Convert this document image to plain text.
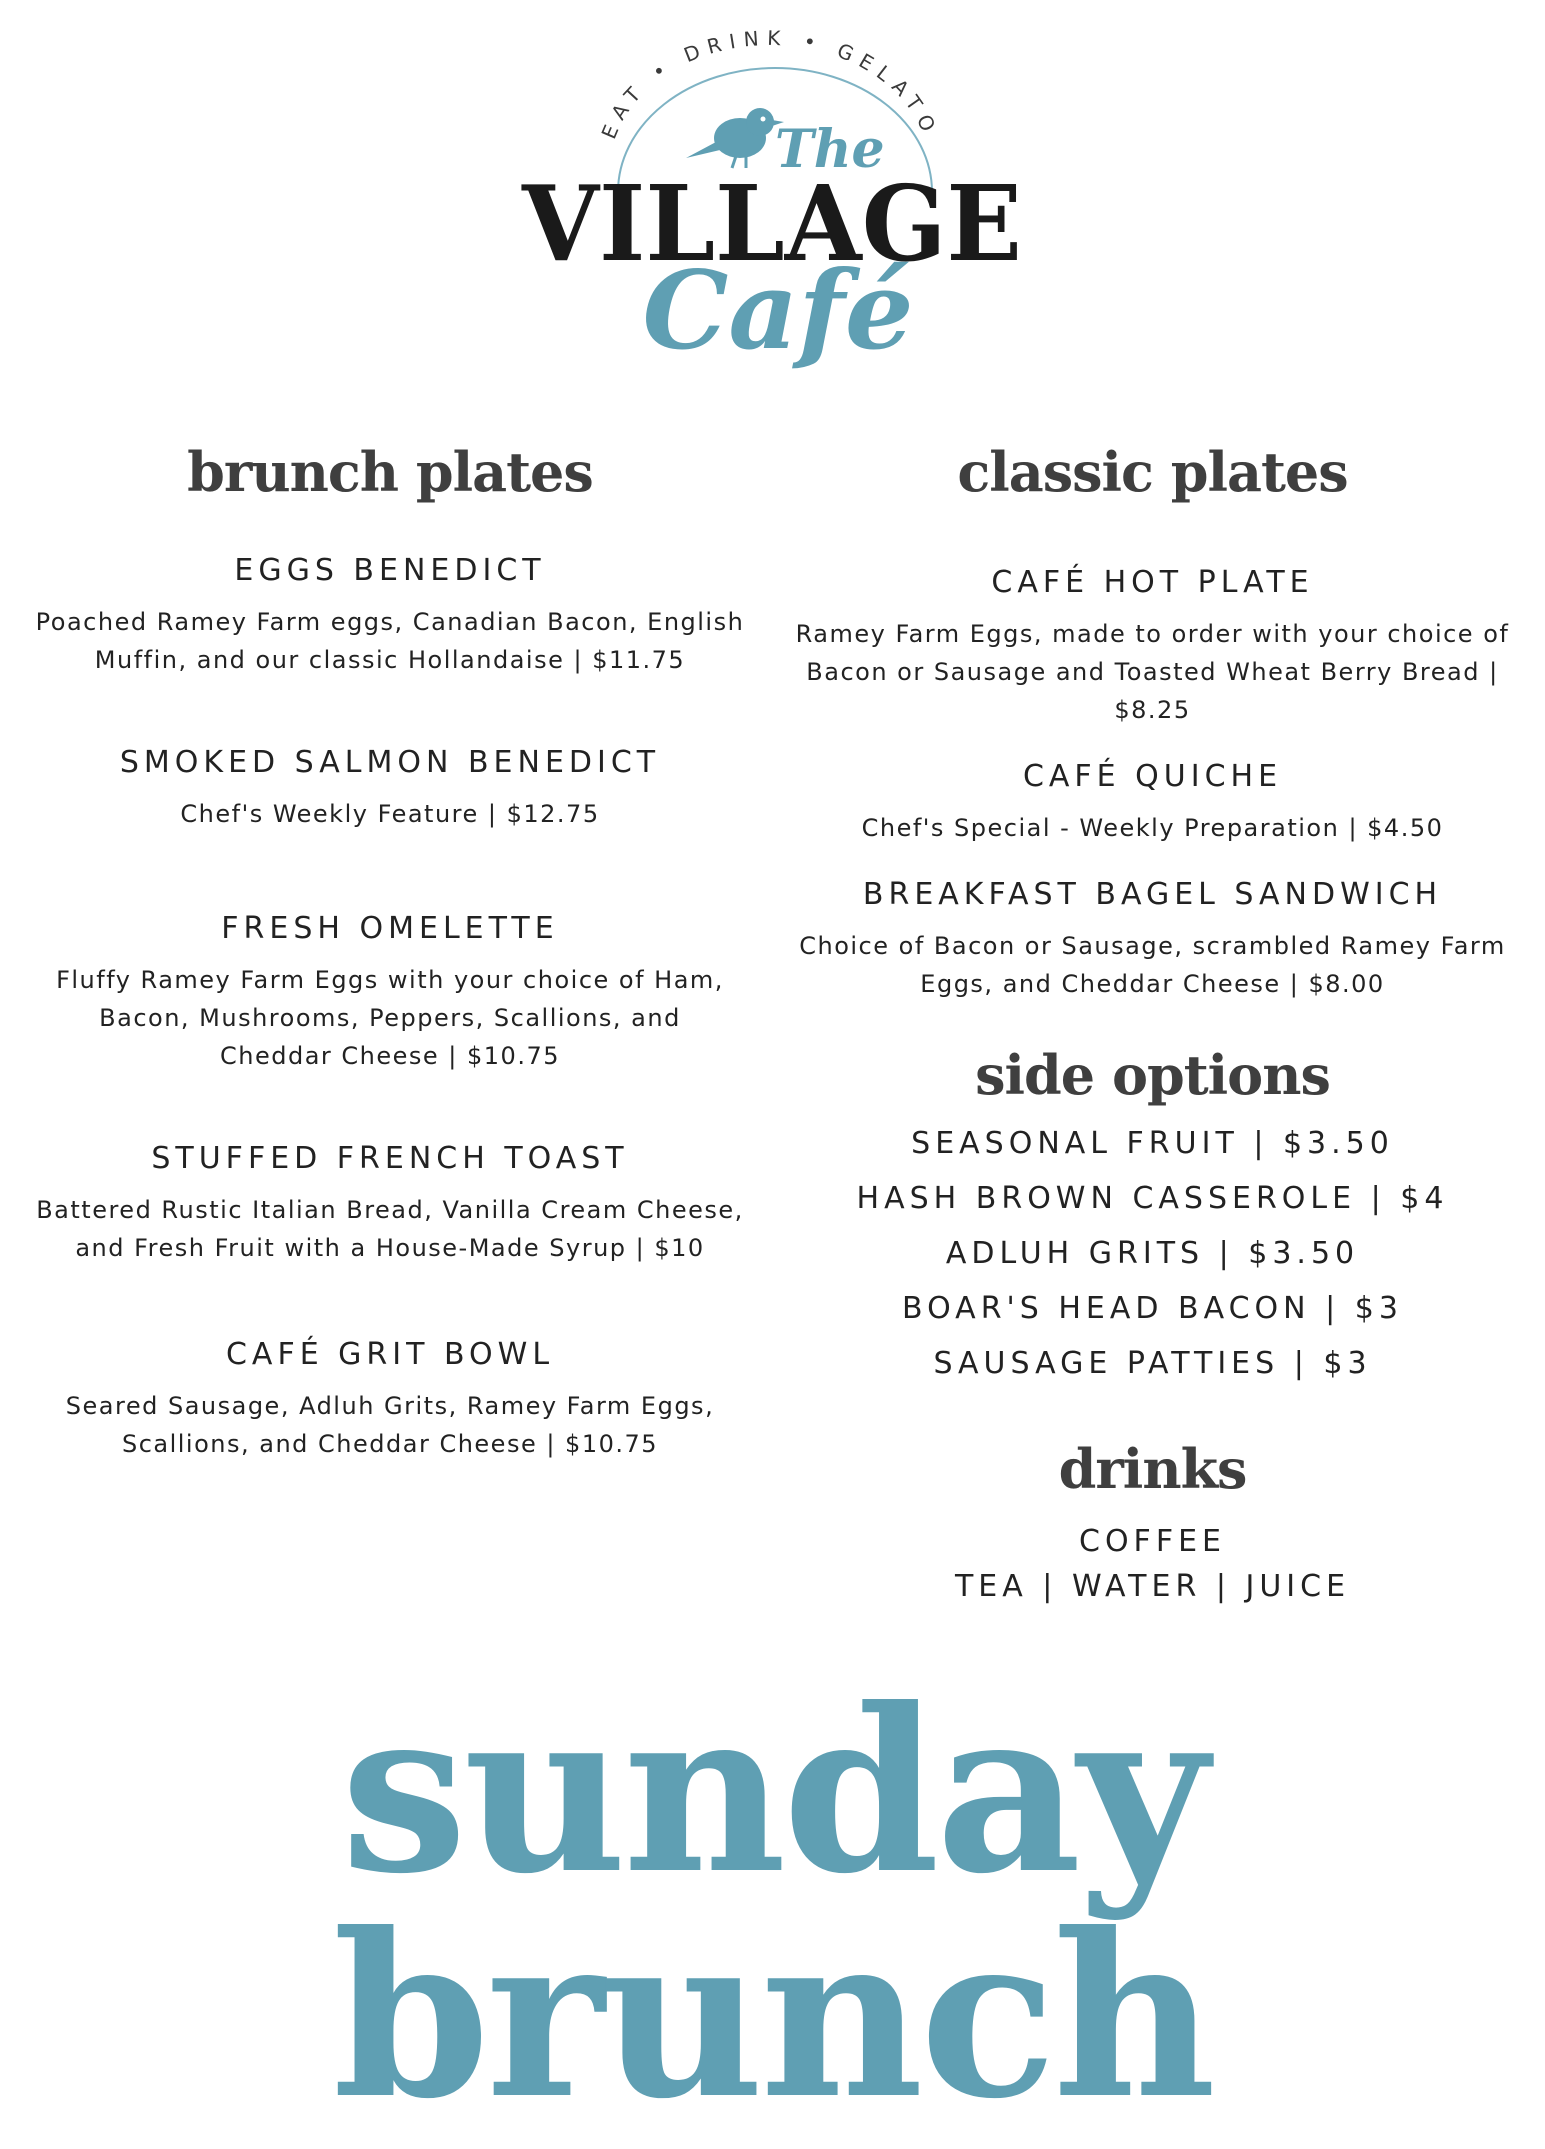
EAT • DRINK • GELATO
The
VILLAGE
Café
brunch plates
EGGS BENEDICT

Poached Ramey Farm eggs, Canadian Bacon, English
Muffin, and our classic Hollandaise | $11.75

SMOKED SALMON BENEDICT

Chef's Weekly Feature | $12.75

FRESH OMELETTE

Fluffy Ramey Farm Eggs with your choice of Ham,
Bacon, Mushrooms, Peppers, Scallions, and
Cheddar Cheese | $10.75

STUFFED FRENCH TOAST

Battered Rustic Italian Bread, Vanilla Cream Cheese,
and Fresh Fruit with a House-Made Syrup | $10

CAFÉ GRIT BOWL

Seared Sausage, Adluh Grits, Ramey Farm Eggs,
Scallions, and Cheddar Cheese | $10.75

classic plates
CAFÉ HOT PLATE

Ramey Farm Eggs, made to order with your choice of
Bacon or Sausage and Toasted Wheat Berry Bread | $8.25

CAFÉ QUICHE

Chef's Special - Weekly Preparation | $4.50

BREAKFAST BAGEL SANDWICH

Choice of Bacon or Sausage, scrambled Ramey Farm
Eggs, and Cheddar Cheese | $8.00

side options

SEASONAL FRUIT | $3.50

HASH BROWN CASSEROLE | $4

ADLUH GRITS | $3.50

BOAR'S HEAD BACON | $3

SAUSAGE PATTIES | $3

drinks

COFFEE

TEA | WATER | JUICE

sunday brunch
